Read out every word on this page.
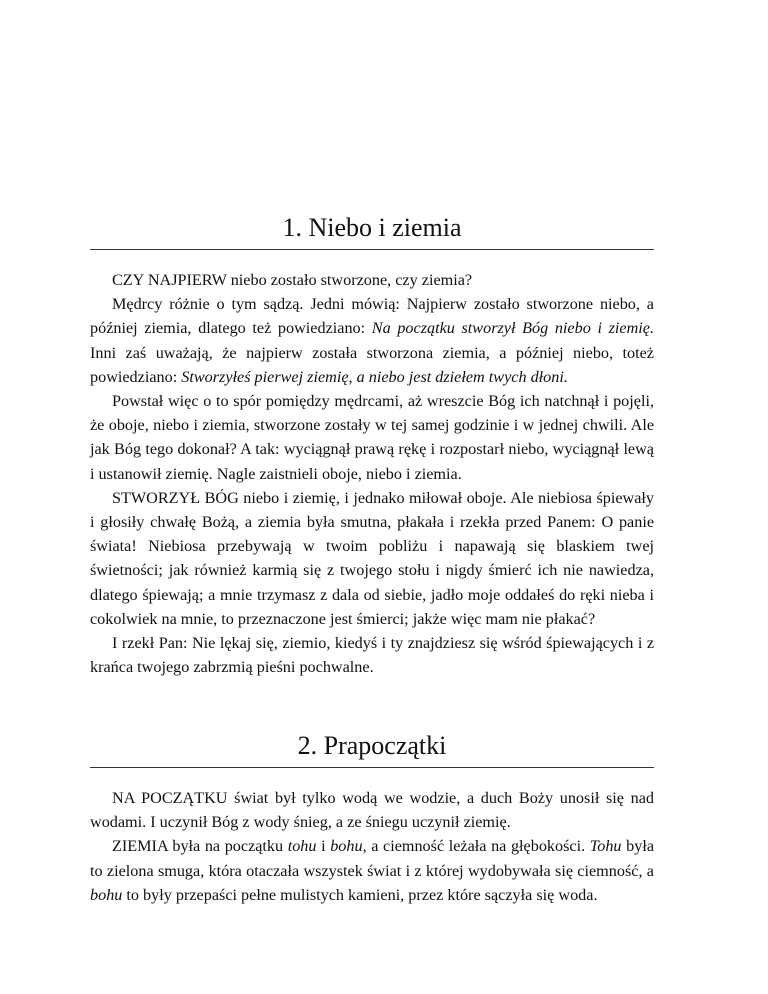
1. Niebo i ziemia

CZY NAJPIERW niebo zostało stworzone, czy ziemia?

Mędrcy różnie o tym sądzą. Jedni mówią: Najpierw zostało stworzone niebo, a później ziemia, dlatego też powiedziano: Na początku stworzył Bóg niebo i ziemię. Inni zaś uważają, że najpierw została stworzona ziemia, a później niebo, toteż powiedziano: Stworzyłeś pierwej ziemię, a niebo jest dziełem twych dłoni.

Powstał więc o to spór pomiędzy mędrcami, aż wreszcie Bóg ich natchnął i pojęli, że oboje, niebo i ziemia, stworzone zostały w tej samej godzinie i w jednej chwili. Ale jak Bóg tego dokonał? A tak: wyciągnął prawą rękę i rozpostarł niebo, wyciągnął lewą i ustanowił ziemię. Nagle zaistnieli oboje, niebo i ziemia.

STWORZYŁ BÓG niebo i ziemię, i jednako miłował oboje. Ale niebiosa śpiewały i głosiły chwałę Bożą, a ziemia była smutna, płakała i rzekła przed Panem: O panie świata! Niebiosa przebywają w twoim pobliżu i napawają się blaskiem twej świetności; jak również karmią się z twojego stołu i nigdy śmierć ich nie nawiedza, dlatego śpiewają; a mnie trzymasz z dala od siebie, jadło moje oddałeś do ręki nieba i cokolwiek na mnie, to przeznaczone jest śmierci; jakże więc mam nie płakać?

I rzekł Pan: Nie lękaj się, ziemio, kiedyś i ty znajdziesz się wśród śpiewających i z krańca twojego zabrzmią pieśni pochwalne.

2. Prapoczątki

NA POCZĄTKU świat był tylko wodą we wodzie, a duch Boży unosił się nad wodami. I uczynił Bóg z wody śnieg, a ze śniegu uczynił ziemię.

ZIEMIA była na początku tohu i bohu, a ciemność leżała na głębokości. Tohu była to zielona smuga, która otaczała wszystek świat i z której wydobywała się ciemność, a bohu to były przepaści pełne mulistych kamieni, przez które sączyła się woda.
